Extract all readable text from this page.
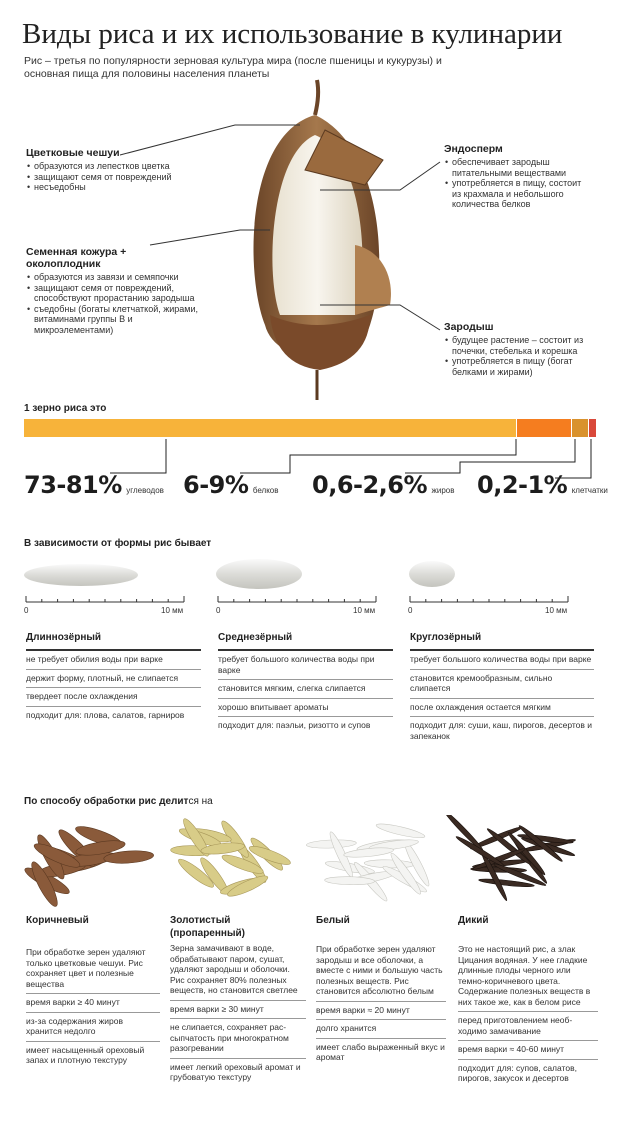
Виды риса и их использование в кулинарии
Рис – третья по популярности зерновая культура мира (после пшеницы и кукурузы) и основная пища для половины населения планеты
Цветковые чешуи
• образуются из лепестков цветка
• защищают семя от повреждений
• несъедобны
Семенная кожура + околоплодник
• образуются из завязи и семяпочки
• защищают семя от повреждений, способствуют прорастанию зародыша
• съедобны (богаты клетчаткой, жирами, витаминами группы В и микроэлементами)
Эндосперм
• обеспечивает зародыш питательными веществами
• употребляется в пищу, состоит из крахмала и небольшого количества белков
Зародыш
• будущее растение – состоит из почечки, стебелька и корешка
• употребляется в пищу (богат белками и жирами)
1 зерно риса это
73-81% углеводов 6-9% белков 0,6-2,6% жиров 0,2-1% клетчатки
В зависимости от формы рис бывает
0	10 мм	0	10 мм	0	10 мм
Длиннозёрный
не требует обилия воды при варке
держит форму, плотный, не слипается
твердеет после охлаждения
подходит для: плова, салатов, гарниров
Среднезёрный
требует большого количества воды при варке
становится мягким, слегка слипается
хорошо впитывает ароматы
подходит для: паэльи, ризотто и супов
Круглозёрный
требует большого количества воды при варке
становится кремообразным, сильно слипается
после охлаждения остается мягким
подходит для: суши, каш, пирогов, десертов и запеканок
По способу обработки рис делится на
Коричневый
При обработке зерен удаляют только цветковые чешуи. Рис сохраняет цвет и полезные вещества
время варки ≥ 40 минут
из-за содержания жиров хранится недолго
имеет насыщенный ореховый запах и плотную текстуру
Золотистый (пропаренный)
Зерна замачивают в воде, обрабатывают паром, сушат, удаляют зародыш и оболочки. Рис сохраняет 80% полезных веществ, но становится светлее
время варки ≥ 30 минут
не слипается, сохраняет рас-сыпчатость при многократном разогревании
имеет легкий ореховый аромат и грубоватую текстуру
Белый
При обработке зерен удаляют зародыш и все оболочки, а вместе с ними и большую часть полезных веществ. Рис становится абсолютно белым
время варки ≈ 20 минут
долго хранится
имеет слабо выраженный вкус и аромат
Дикий
Это не настоящий рис, а злак Цицания водяная. У нее гладкие длинные плоды черного или темно-коричневого цвета. Содержание полезных веществ в них такое же, как в белом рисе
перед приготовлением необ-ходимо замачивание
время варки ≈ 40-60 минут
подходит для: супов, салатов, пирогов, закусок и десертов
